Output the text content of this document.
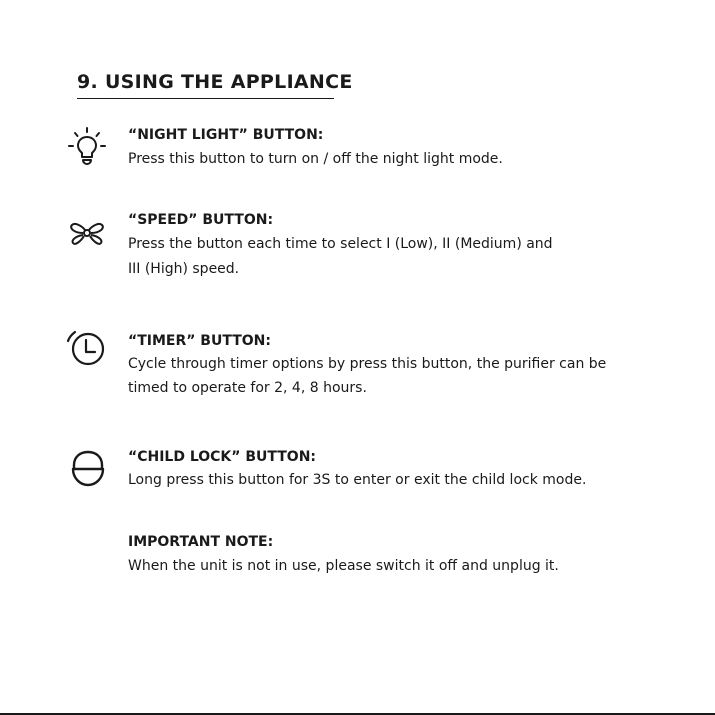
9. USING THE APPLIANCE
“NIGHT LIGHT” BUTTON:
Press this button to turn on / off the night light mode.
“SPEED” BUTTON:
Press the button each time to select I (Low), II (Medium) and
III (High) speed.
“TIMER” BUTTON:
Cycle through timer options by press this button, the purifier can be
timed to operate for 2, 4, 8 hours.
“CHILD LOCK” BUTTON:
Long press this button for 3S to enter or exit the child lock mode.
IMPORTANT NOTE:
When the unit is not in use, please switch it off and unplug it.
